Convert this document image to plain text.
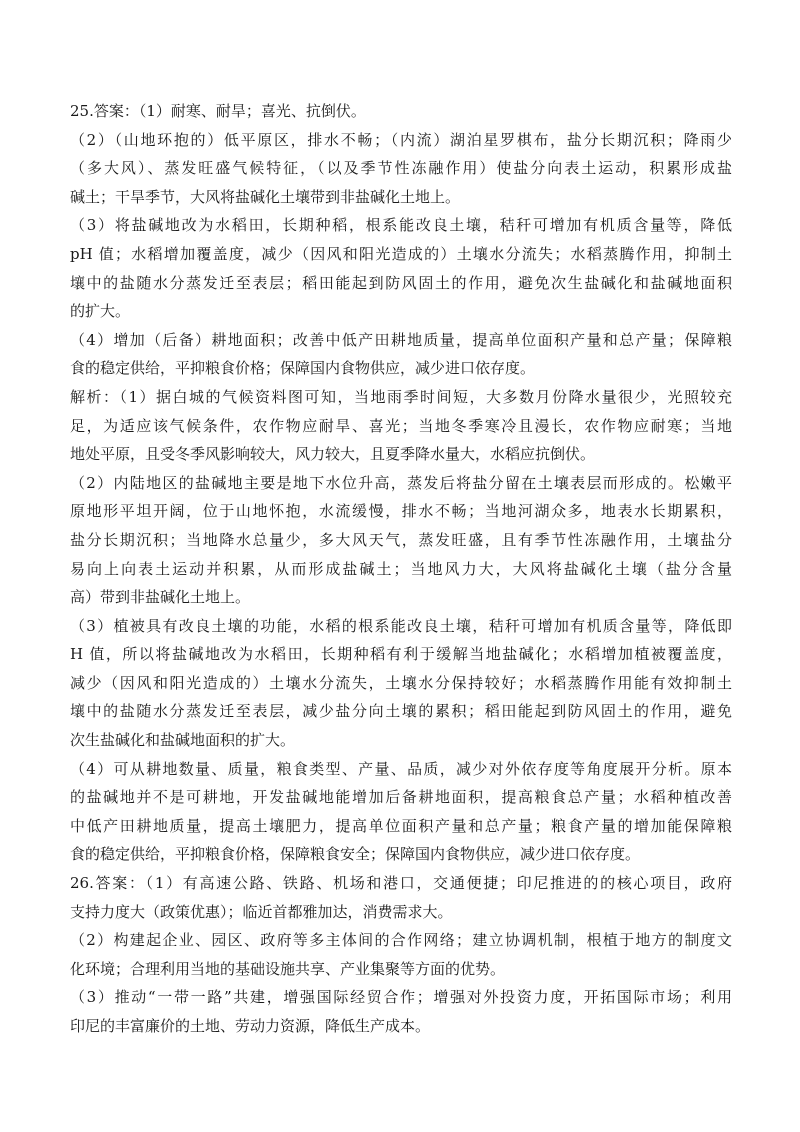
25.答案：（1）耐寒、耐旱；喜光、抗倒伏。
（2）（山地环抱的）低平原区，排水不畅；（内流）湖泊星罗棋布，盐分长期沉积；降雨少
（多大风）、蒸发旺盛气候特征，（以及季节性冻融作用）使盐分向表土运动，积累形成盐
碱土；干旱季节，大风将盐碱化土壤带到非盐碱化土地上。
（3）将盐碱地改为水稻田，长期种稻，根系能改良土壤，秸秆可增加有机质含量等，降低
pH 值；水稻增加覆盖度，减少（因风和阳光造成的）土壤水分流失；水稻蒸腾作用，抑制土
壤中的盐随水分蒸发迁至表层；稻田能起到防风固土的作用，避免次生盐碱化和盐碱地面积
的扩大。
（4）增加（后备）耕地面积；改善中低产田耕地质量，提高单位面积产量和总产量；保障粮
食的稳定供给，平抑粮食价格；保障国内食物供应，减少进口依存度。
解析：（1）据白城的气候资料图可知，当地雨季时间短，大多数月份降水量很少，光照较充
足，为适应该气候条件，农作物应耐旱、喜光；当地冬季寒冷且漫长，农作物应耐寒；当地
地处平原，且受冬季风影响较大，风力较大，且夏季降水量大，水稻应抗倒伏。
（2）内陆地区的盐碱地主要是地下水位升高，蒸发后将盐分留在土壤表层而形成的。松嫩平
原地形平坦开阔，位于山地怀抱，水流缓慢，排水不畅；当地河湖众多，地表水长期累积，
盐分长期沉积；当地降水总量少，多大风天气，蒸发旺盛，且有季节性冻融作用，土壤盐分
易向上向表土运动并积累，从而形成盐碱土；当地风力大，大风将盐碱化土壤（盐分含量
高）带到非盐碱化土地上。
（3）植被具有改良土壤的功能，水稻的根系能改良土壤，秸秆可增加有机质含量等，降低即
H 值，所以将盐碱地改为水稻田，长期种稻有利于缓解当地盐碱化；水稻增加植被覆盖度，
减少（因风和阳光造成的）土壤水分流失，土壤水分保持较好；水稻蒸腾作用能有效抑制土
壤中的盐随水分蒸发迁至表层，减少盐分向土壤的累积；稻田能起到防风固土的作用，避免
次生盐碱化和盐碱地面积的扩大。
（4）可从耕地数量、质量，粮食类型、产量、品质，减少对外依存度等角度展开分析。原本
的盐碱地并不是可耕地，开发盐碱地能增加后备耕地面积，提高粮食总产量；水稻种植改善
中低产田耕地质量，提高土壤肥力，提高单位面积产量和总产量；粮食产量的增加能保障粮
食的稳定供给，平抑粮食价格，保障粮食安全；保障国内食物供应，减少进口依存度。
26.答案：（1）有高速公路、铁路、机场和港口，交通便捷；印尼推进的的核心项目，政府
支持力度大（政策优惠）；临近首都雅加达，消费需求大。
（2）构建起企业、园区、政府等多主体间的合作网络；建立协调机制，根植于地方的制度文
化环境；合理利用当地的基础设施共享、产业集聚等方面的优势。
（3）推动“一带一路”共建，增强国际经贸合作；增强对外投资力度，开拓国际市场；利用
印尼的丰富廉价的土地、劳动力资源，降低生产成本。
